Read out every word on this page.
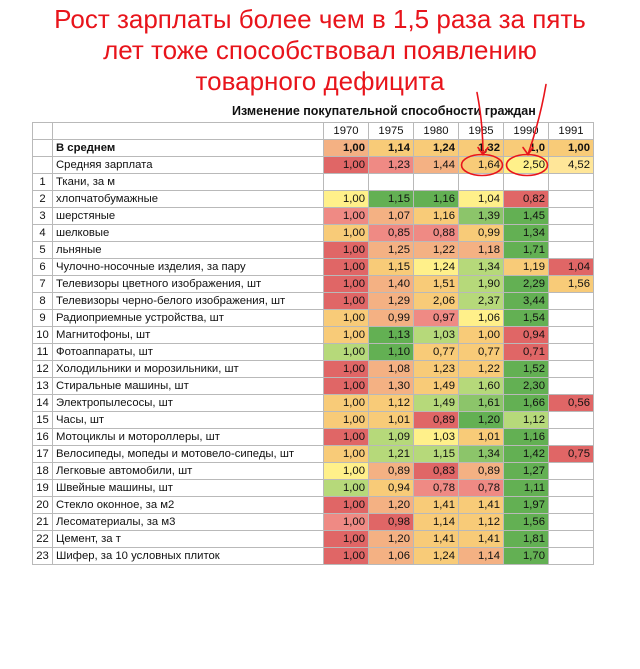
Рост зарплаты более чем в 1,5 раза за пять
лет тоже способствовал появлению
товарного дефицита
Изменение покупательной способности граждан
		1970	1975	1980	1985	1990	1991
	В среднем	1,00	1,14	1,24	1,32	1,0	1,00
	Средняя зарплата	1,00	1,23	1,44	1,64	2,50	4,52
1	Ткани, за м						
2	хлопчатобумажные	1,00	1,15	1,16	1,04	0,82	
3	шерстяные	1,00	1,07	1,16	1,39	1,45	
4	шелковые	1,00	0,85	0,88	0,99	1,34	
5	льняные	1,00	1,25	1,22	1,18	1,71	
6	Чулочно-носочные изделия, за пару	1,00	1,15	1,24	1,34	1,19	1,04
7	Телевизоры цветного изображения, шт	1,00	1,40	1,51	1,90	2,29	1,56
8	Телевизоры черно-белого изображения, шт	1,00	1,29	2,06	2,37	3,44	
9	Радиоприемные устройства, шт	1,00	0,99	0,97	1,06	1,54	
10	Магнитофоны, шт	1,00	1,13	1,03	1,00	0,94	
11	Фотоаппараты, шт	1,00	1,10	0,77	0,77	0,71	
12	Холодильники и морозильники, шт	1,00	1,08	1,23	1,22	1,52	
13	Стиральные машины, шт	1,00	1,30	1,49	1,60	2,30	
14	Электропылесосы, шт	1,00	1,12	1,49	1,61	1,66	0,56
15	Часы, шт	1,00	1,01	0,89	1,20	1,12	
16	Мотоциклы и мотороллеры, шт	1,00	1,09	1,03	1,01	1,16	
17	Велосипеды, мопеды и мотовело-сипеды, шт	1,00	1,21	1,15	1,34	1,42	0,75
18	Легковые автомобили, шт	1,00	0,89	0,83	0,89	1,27	
19	Швейные машины, шт	1,00	0,94	0,78	0,78	1,11	
20	Стекло оконное, за м2	1,00	1,20	1,41	1,41	1,97	
21	Лесоматериалы, за м3	1,00	0,98	1,14	1,12	1,56	
22	Цемент, за т	1,00	1,20	1,41	1,41	1,81	
23	Шифер, за 10 условных плиток	1,00	1,06	1,24	1,14	1,70	
